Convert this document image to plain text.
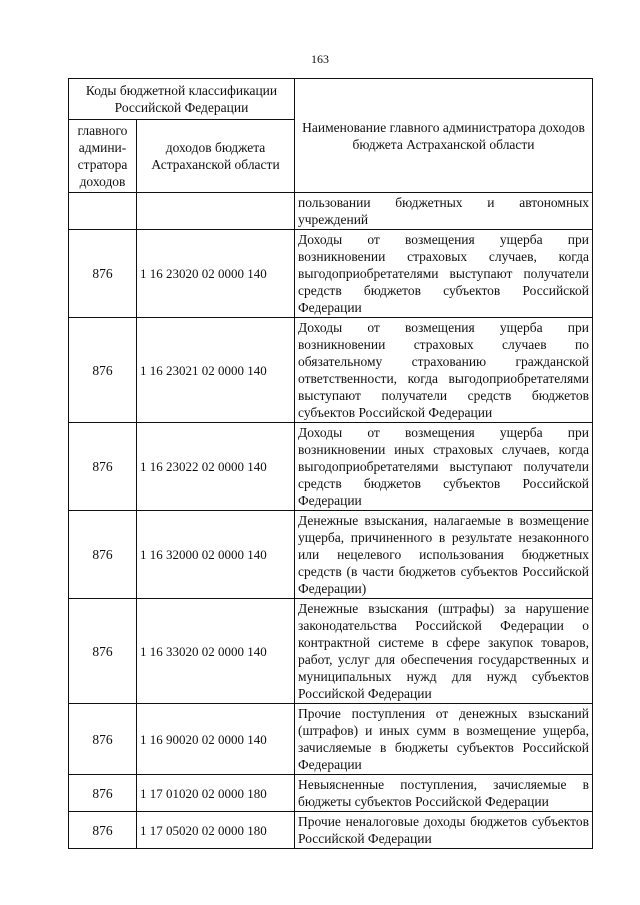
163
Коды бюджетной классификации Российской Федерации		Наименование главного администратора доходов бюджета Астраханской области
главного админи-стратора доходов	доходов бюджета Астраханской области	
		пользовании бюджетных и автономных учреждений
876	1 16 23020 02 0000 140	Доходы от возмещения ущерба при возникновении страховых случаев, когда выгодоприобретателями выступают получатели средств бюджетов субъектов Российской Федерации
876	1 16 23021 02 0000 140	Доходы от возмещения ущерба при возникновении страховых случаев по обязательному страхованию гражданской ответственности, когда выгодоприобретателями выступают получатели средств бюджетов субъектов Российской Федерации
876	1 16 23022 02 0000 140	Доходы от возмещения ущерба при возникновении иных страховых случаев, когда выгодоприобретателями выступают получатели средств бюджетов субъектов Российской Федерации
876	1 16 32000 02 0000 140	Денежные взыскания, налагаемые в возмещение ущерба, причиненного в результате незаконного или нецелевого использования бюджетных средств (в части бюджетов субъектов Российской Федерации)
876	1 16 33020 02 0000 140	Денежные взыскания (штрафы) за нарушение законодательства Российской Федерации о контрактной системе в сфере закупок товаров, работ, услуг для обеспечения государственных и муниципальных нужд для нужд субъектов Российской Федерации
876	1 16 90020 02 0000 140	Прочие поступления от денежных взысканий (штрафов) и иных сумм в возмещение ущерба, зачисляемые в бюджеты субъектов Российской Федерации
876	1 17 01020 02 0000 180	Невыясненные поступления, зачисляемые в бюджеты субъектов Российской Федерации
876	1 17 05020 02 0000 180	Прочие неналоговые доходы бюджетов субъектов Российской Федерации
